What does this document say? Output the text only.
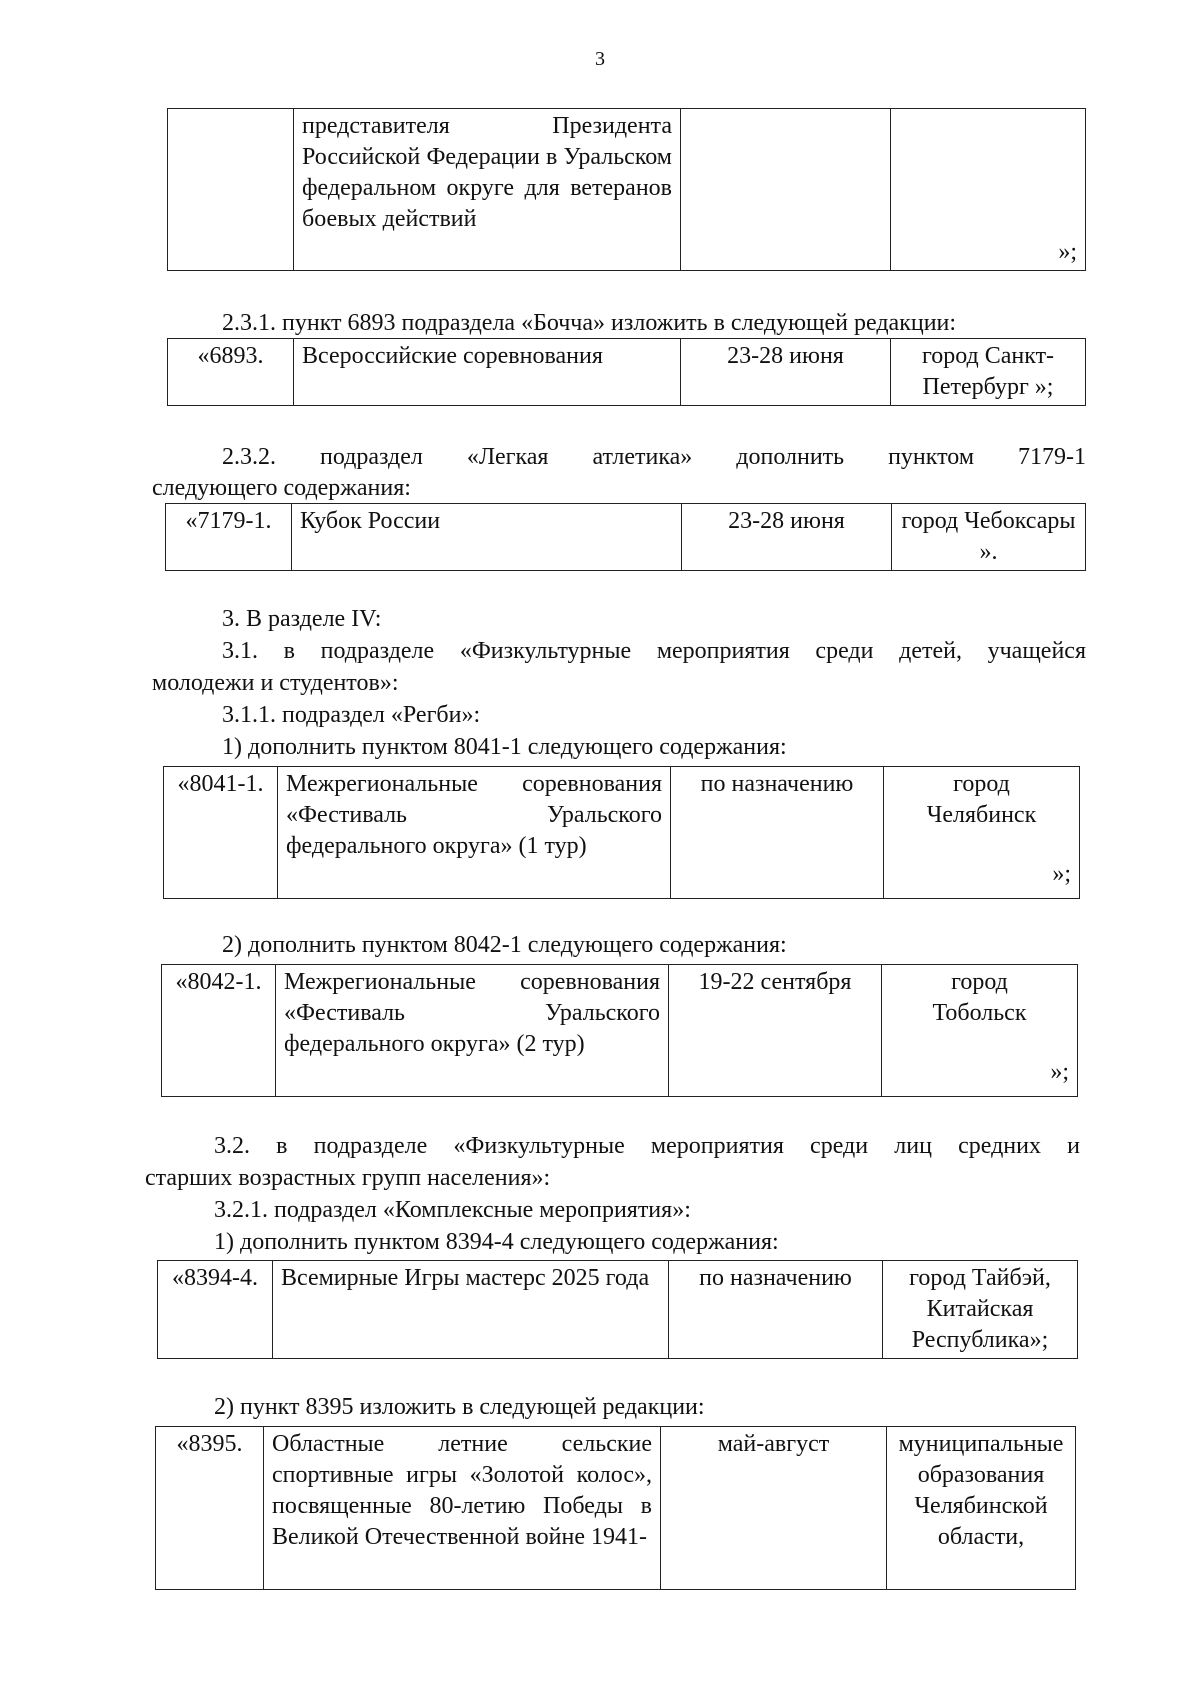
3
	представителя Президента Российской Федерации в Уральском федеральном округе для ветеранов боевых действий		»;

2.3.1. пункт 6893 подраздела «Бочча» изложить в следующей редакции:

«6893.	Всероссийские соревнования	23-28 июня	город Санкт-Петербург »;

2.3.2. подраздел «Легкая атлетика» дополнить пунктом 7179-1

следующего содержания:

«7179-1.	Кубок России	23-28 июня	город Чебоксары ».

3. В разделе IV:

3.1. в подразделе «Физкультурные мероприятия среди детей, учащейся

молодежи и студентов»:

3.1.1. подраздел «Регби»:

1) дополнить пунктом 8041-1 следующего содержания:

«8041-1.	Межрегиональные соревнования «Фестиваль Уральского федерального округа» (1 тур)	по назначению	город Челябинск
»;

2) дополнить пунктом 8042-1 следующего содержания:

«8042-1.	Межрегиональные соревнования «Фестиваль Уральского федерального округа» (2 тур)	19-22 сентября	город Тобольск
»;

3.2. в подразделе «Физкультурные мероприятия среди лиц средних и

старших возрастных групп населения»:

3.2.1. подраздел «Комплексные мероприятия»:

1) дополнить пунктом 8394-4 следующего содержания:

«8394-4.	Всемирные Игры мастерс 2025 года	по назначению	город Тайбэй, Китайская Республика»;

2) пункт 8395 изложить в следующей редакции:

«8395.	Областные летние сельские спортивные игры «Золотой колос», посвященные 80-летию Победы в Великой Отечественной войне 1941-	май-август	муниципальные образования Челябинской области,
